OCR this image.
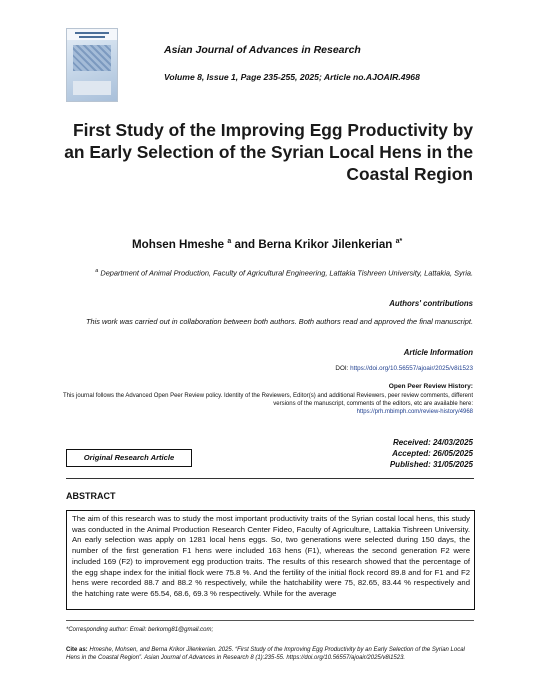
Asian Journal of Advances in Research
Volume 8, Issue 1, Page 235-255, 2025; Article no.AJOAIR.4968
First Study of the Improving Egg Productivity by an Early Selection of the Syrian Local Hens in the Coastal Region
Mohsen Hmeshe $^a$ and Berna Krikor Jilenkerian $^{a*}$
$^a$ Department of Animal Production, Faculty of Agricultural Engineering, Lattakia Tishreen University, Lattakia, Syria.
Authors' contributions
This work was carried out in collaboration between both authors. Both authors read and approved the final manuscript.
Article Information
DOI: https://doi.org/10.56557/ajoair/2025/v8i1523
Open Peer Review History:
This journal follows the Advanced Open Peer Review policy. Identity of the Reviewers, Editor(s) and additional Reviewers, peer review comments, different versions of the manuscript, comments of the editors, etc are available here:
https://prh.mbimph.com/review-history/4968
Original Research Article
Received: 24/03/2025
Accepted: 26/05/2025
Published: 31/05/2025
ABSTRACT
The aim of this research was to study the most important productivity traits of the Syrian costal local hens, this study was conducted in the Animal Production Research Center Fideo, Faculty of Agriculture, Lattakia Tishreen University. An early selection was apply on 1281 local hens eggs. So, two generations were selected during 150 days, the number of the first generation F1 hens were included 163 hens (F1), whereas the second generation F2 were included 169 (F2) to improvement egg production traits. The results of this research showed that the percentage of the egg shape index for the initial flock were 75.8 %. And the fertility of the initial flock record 89.8 and for F1 and F2 hens were recorded 88.7 and 88.2 % respectively, while the hatchability were 75, 82.65, 83.44 % respectively and the hatching rate were 65.54, 68.6, 69.3 % respectively. While for the average
*Corresponding author: Email: berkomg81@gmail.com;
Cite as: Hmeshe, Mohsen, and Berna Krikor Jilenkerian. 2025. “First Study of the Improving Egg Productivity by an Early Selection of the Syrian Local Hens in the Coastal Region”. Asian Journal of Advances in Research 8 (1):235-55. https://doi.org/10.56557/ajoair/2025/v8i1523.
